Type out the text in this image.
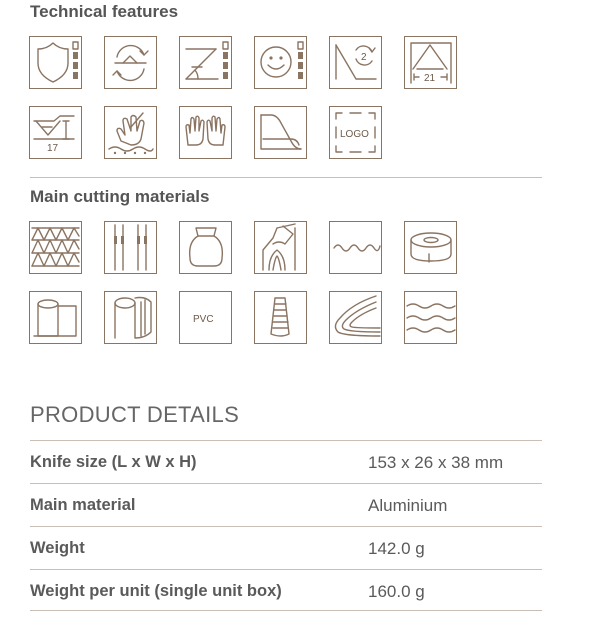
Technical features
2
21
17
LOGO
Main cutting materials
PVC
PRODUCT DETAILS
Knife size (L x W x H)	153 x 26 x 38 mm
Main material	Aluminium
Weight	142.0 g
Weight per unit (single unit box)	160.0 g
